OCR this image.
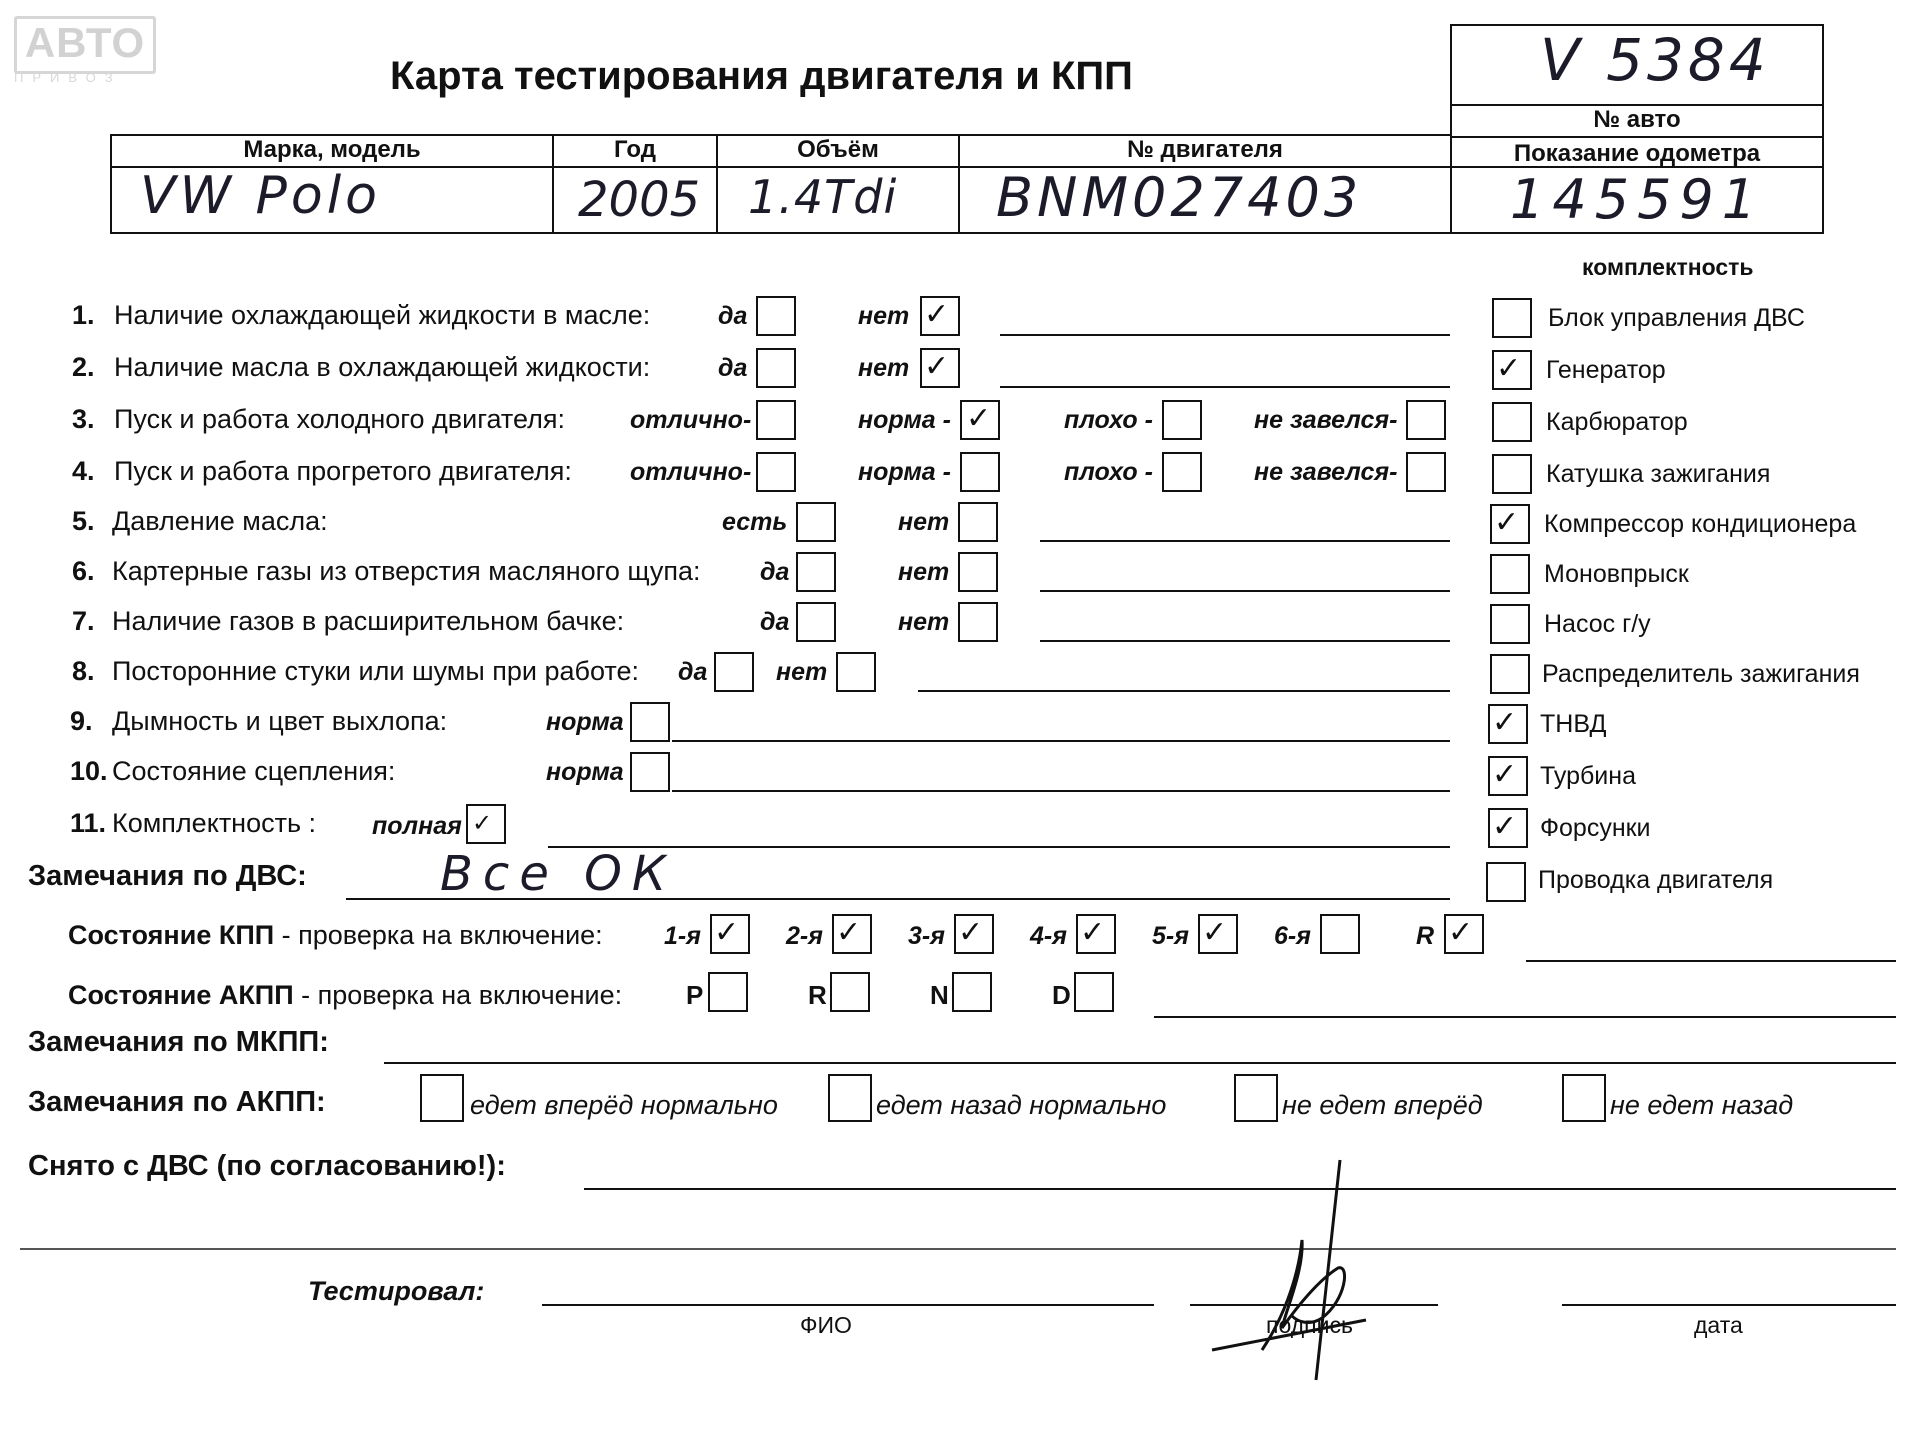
АВТО
ПРИВОЗ	Карта тестирования двигателя и КПП	V 5384
№ авто
Марка, модель	Год	Объём	№ двигателя	Показание одометра
VW Polo	2005 1.4Tdi BNM027403	145591
комплектность
1. Наличие охлаждающей жидкости в масле:	да	нет ✓
2. Наличие масла в охлаждающей жидкости:	да	нет ✓
3. Пуск и работа холодного двигателя:	отлично-	норма - ✓	плохо -	не завелся-
4. Пуск и работа прогретого двигателя: отлично-	норма -	плохо -	не завелся-
5. Давление масла:	есть	нет
6. Картерные газы из отверстия масляного щупа: да	нет
7. Наличие газов в расширительном бачке:	да	нет
8. Посторонние стуки или шумы при работе: да	нет
9. Дымность и цвет выхлопа:	норма
10. Состояние сцепления:	норма
11. Комплектность : полная ✓
Блок управления ДВС
✓ Генератор
Карбюратор
Катушка зажигания
✓ Компрессор кондиционера
Моновпрыск
Насос г/у
Распределитель зажигания
✓ ТНВД
✓ Турбина
✓ Форсунки
Проводка двигателя
Замечания по ДВС:	Все ОК
Состояние КПП - проверка на включение: 1-я ✓ 2-я ✓ 3-я ✓ 4-я ✓ 5-я ✓ 6-я	R ✓
Состояние АКПП - проверка на включение: P	R	N	D
Замечания по МКПП:
Замечания по АКПП:	едет вперёд нормально	едет назад нормально	не едет вперёд	не едет назад
Снято с ДВС (по согласованию!):
Тестировал:
ФИО	подпись	дата
